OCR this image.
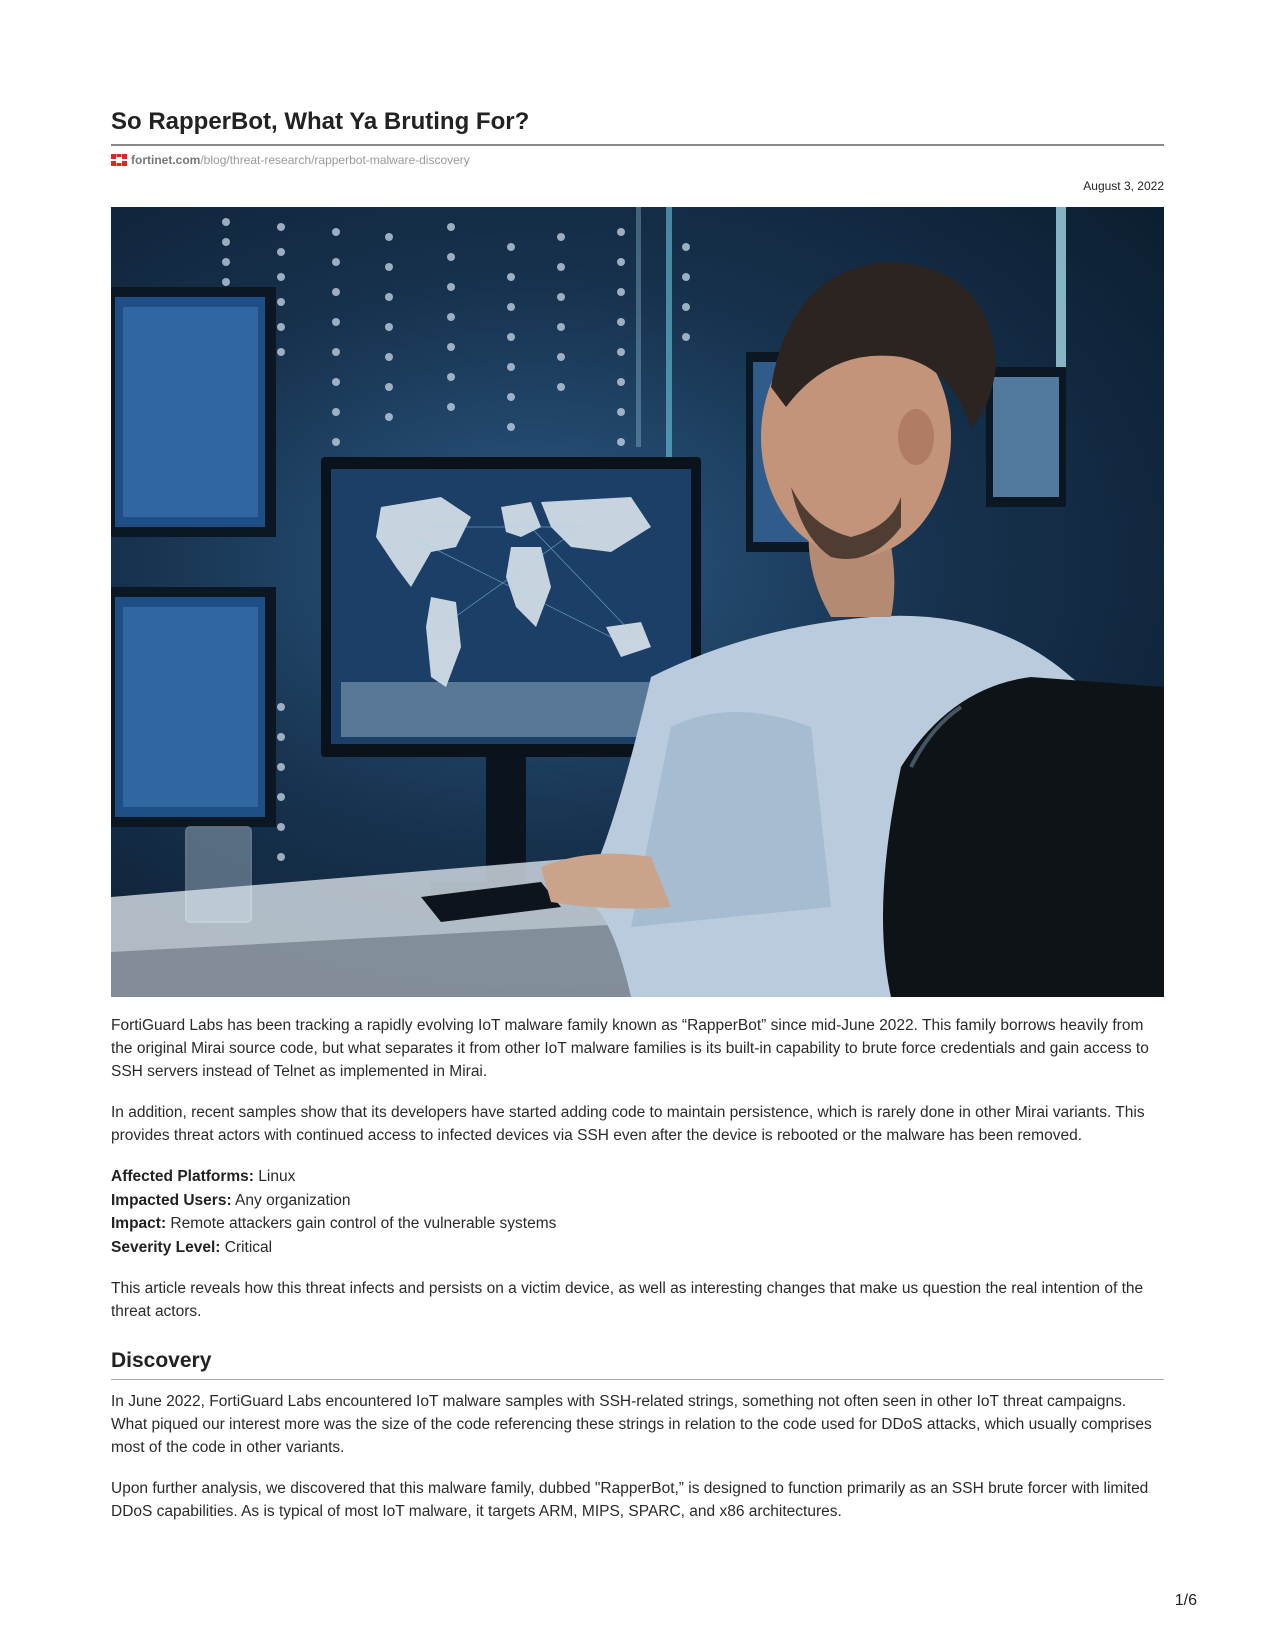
So RapperBot, What Ya Bruting For?
fortinet.com /blog/threat-research/rapperbot-malware-discovery
August 3, 2022

FortiGuard Labs has been tracking a rapidly evolving IoT malware family known as “RapperBot” since mid-June 2022. This family borrows heavily from the original Mirai source code, but what separates it from other IoT malware families is its built-in capability to brute force credentials and gain access to SSH servers instead of Telnet as implemented in Mirai.

In addition, recent samples show that its developers have started adding code to maintain persistence, which is rarely done in other Mirai variants. This provides threat actors with continued access to infected devices via SSH even after the device is rebooted or the malware has been removed.

Affected Platforms: Linux
Impacted Users: Any organization
Impact: Remote attackers gain control of the vulnerable systems
Severity Level: Critical

This article reveals how this threat infects and persists on a victim device, as well as interesting changes that make us question the real intention of the threat actors.

Discovery

In June 2022, FortiGuard Labs encountered IoT malware samples with SSH-related strings, something not often seen in other IoT threat campaigns. What piqued our interest more was the size of the code referencing these strings in relation to the code used for DDoS attacks, which usually comprises most of the code in other variants.

Upon further analysis, we discovered that this malware family, dubbed "RapperBot,” is designed to function primarily as an SSH brute forcer with limited DDoS capabilities. As is typical of most IoT malware, it targets ARM, MIPS, SPARC, and x86 architectures.

1/6
